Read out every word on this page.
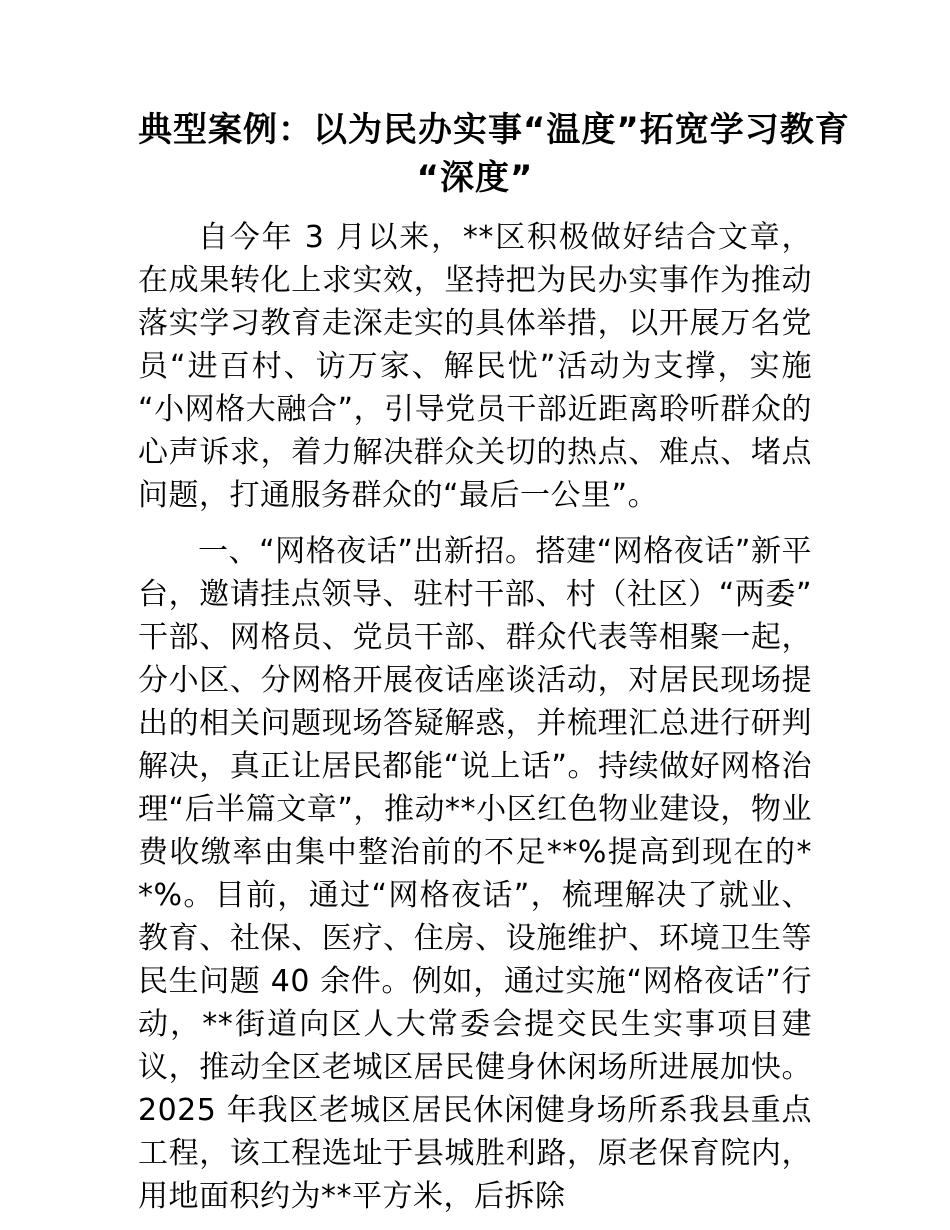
典型案例：以为民办实事“温度”拓宽学习教育
“深度”

自今年 3 月以来，**区积极做好结合文章，在成果转化上求实效，坚持把为民办实事作为推动落实学习教育走深走实的具体举措，以开展万名党员“进百村、访万家、解民忧”活动为支撑，实施“小网格大融合”，引导党员干部近距离聆听群众的心声诉求，着力解决群众关切的热点、难点、堵点问题，打通服务群众的“最后一公里”。

一、“网格夜话”出新招。搭建“网格夜话”新平台，邀请挂点领导、驻村干部、村（社区）“两委”干部、网格员、党员干部、群众代表等相聚一起，分小区、分网格开展夜话座谈活动，对居民现场提出的相关问题现场答疑解惑，并梳理汇总进行研判解决，真正让居民都能“说上话”。持续做好网格治理“后半篇文章”，推动**小区红色物业建设，物业费收缴率由集中整治前的不足**%提高到现在的**%。目前，通过“网格夜话”，梳理解决了就业、教育、社保、医疗、住房、设施维护、环境卫生等民生问题 40 余件。例如，通过实施“网格夜话”行动，**街道向区人大常委会提交民生实事项目建议，推动全区老城区居民健身休闲场所进展加快。2025 年我区老城区居民休闲健身场所系我县重点工程，该工程选址于县城胜利路，原老保育院内，用地面积约为**平方米，后拆除
